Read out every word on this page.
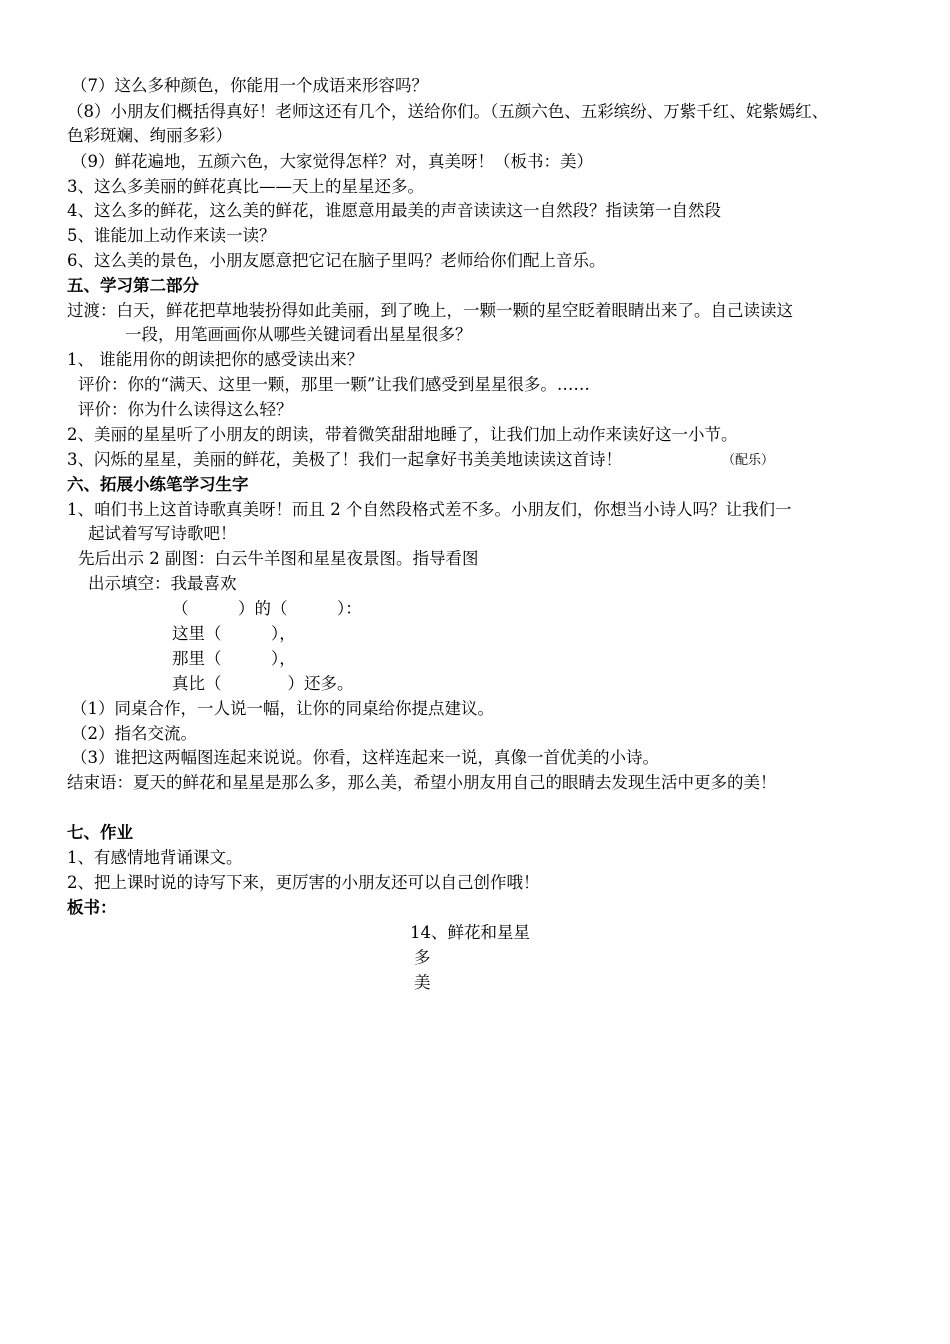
（7）这么多种颜色，你能用一个成语来形容吗？
（8）小朋友们概括得真好！老师这还有几个，送给你们。（五颜六色、五彩缤纷、万紫千红、姹紫嫣红、
色彩斑斓、绚丽多彩）
（9）鲜花遍地，五颜六色，大家觉得怎样？对，真美呀！（板书：美）
3、这么多美丽的鲜花真比——天上的星星还多。
4、这么多的鲜花，这么美的鲜花，谁愿意用最美的声音读读这一自然段？指读第一自然段
5、谁能加上动作来读一读？
6、这么美的景色，小朋友愿意把它记在脑子里吗？老师给你们配上音乐。
五、学习第二部分
过渡：白天，鲜花把草地装扮得如此美丽，到了晚上，一颗一颗的星空眨着眼睛出来了。自己读读这
一段，用笔画画你从哪些关键词看出星星很多？
1、 谁能用你的朗读把你的感受读出来？
评价：你的“满天、这里一颗，那里一颗”让我们感受到星星很多。……
评价：你为什么读得这么轻？
2、美丽的星星听了小朋友的朗读，带着微笑甜甜地睡了，让我们加上动作来读好这一小节。
3、闪烁的星星，美丽的鲜花，美极了！我们一起拿好书美美地读读这首诗！	（配乐）
六、拓展小练笔学习生字
1、咱们书上这首诗歌真美呀！而且 2 个自然段格式差不多。小朋友们，你想当小诗人吗？让我们一
起试着写写诗歌吧！
先后出示 2 副图：白云牛羊图和星星夜景图。指导看图
出示填空：我最喜欢
（　　　）的（　　　）：
这里（　　　），
那里（　　　），
真比（　　　　）还多。
（1）同桌合作，一人说一幅，让你的同桌给你提点建议。
（2）指名交流。
（3）谁把这两幅图连起来说说。你看，这样连起来一说，真像一首优美的小诗。
结束语：夏天的鲜花和星星是那么多，那么美，希望小朋友用自己的眼睛去发现生活中更多的美！
七、作业
1、有感情地背诵课文。
2、把上课时说的诗写下来，更厉害的小朋友还可以自己创作哦！
板书：
14、鲜花和星星
多
美
